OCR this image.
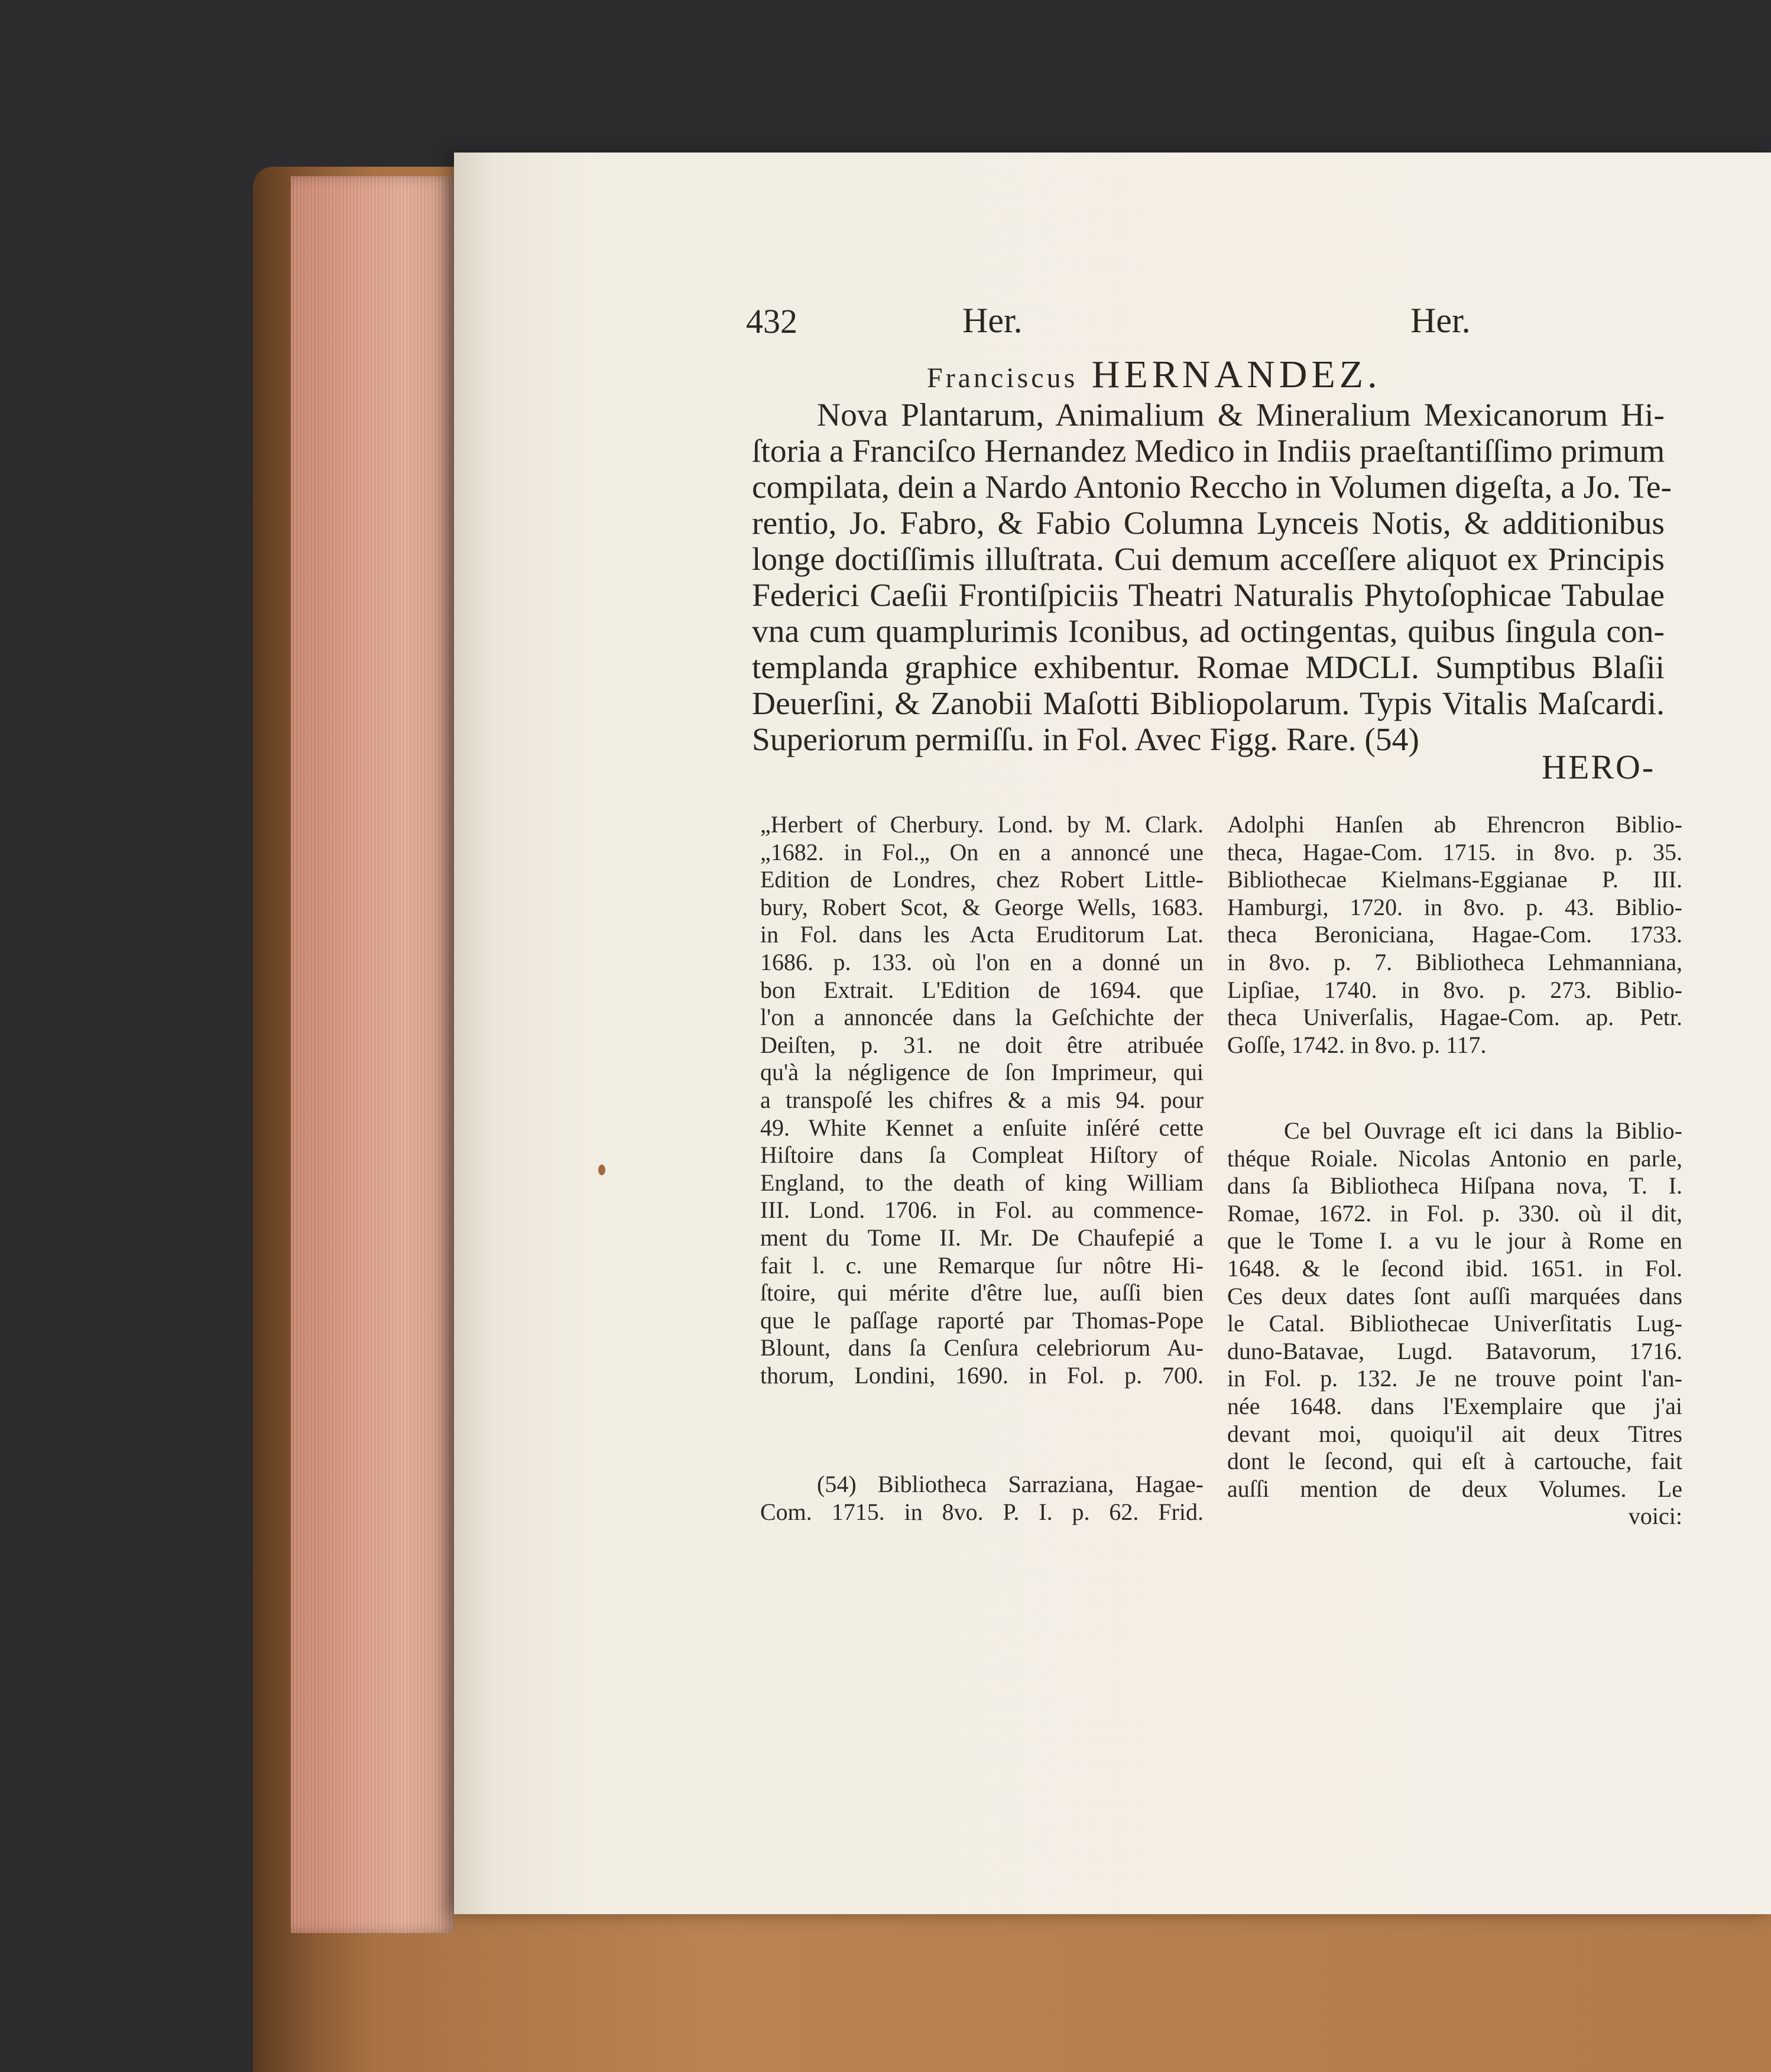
432	Her.	Her.
Franciscus HERNANDEZ.
Nova Plantarum, Animalium & Mineralium Mexicanorum Hi-
ſtoria a Franciſco Hernandez Medico in Indiis praeſtantiſſimo primum
compilata, dein a Nardo Antonio Reccho in Volumen digeſta, a Jo. Te-
rentio, Jo. Fabro, & Fabio Columna Lynceis Notis, & additionibus
longe doctiſſimis illuſtrata. Cui demum acceſſere aliquot ex Principis
Federici Caeſii Frontiſpiciis Theatri Naturalis Phytoſophicae Tabulae
vna cum quamplurimis Iconibus, ad octingentas, quibus ſingula con-
templanda graphice exhibentur. Romae MDCLI. Sumptibus Blaſii
Deuerſini, & Zanobii Maſotti Bibliopolarum. Typis Vitalis Maſcardi.
Superiorum permiſſu. in Fol. Avec Figg. Rare. (54)
HERO-
„Herbert of Cherbury. Lond. by M. Clark.
„1682. in Fol.„ On en a annoncé une
Edition de Londres, chez Robert Little-
bury, Robert Scot, & George Wells, 1683.
in Fol. dans les Acta Eruditorum Lat.
1686. p. 133. où l'on en a donné un
bon Extrait. L'Edition de 1694. que
l'on a annoncée dans la Geſchichte der
Deiſten, p. 31. ne doit être atribuée
qu'à la négligence de ſon Imprimeur, qui
a transpoſé les chifres & a mis 94. pour
49. White Kennet a enſuite inſéré cette
Hiſtoire dans ſa Compleat Hiſtory of
England, to the death of king William
III. Lond. 1706. in Fol. au commence-
ment du Tome II. Mr. De Chaufepié a
fait l. c. une Remarque ſur nôtre Hi-
ſtoire, qui mérite d'être lue, auſſi bien
que le paſſage raporté par Thomas-Pope
Blount, dans ſa Cenſura celebriorum Au-
thorum, Londini, 1690. in Fol. p. 700.
(54) Bibliotheca Sarraziana, Hagae-
Com. 1715. in 8vo. P. I. p. 62. Frid.
Adolphi Hanſen ab Ehrencron Biblio-
theca, Hagae-Com. 1715. in 8vo. p. 35.
Bibliothecae Kielmans-Eggianae P. III.
Hamburgi, 1720. in 8vo. p. 43. Biblio-
theca Beroniciana, Hagae-Com. 1733.
in 8vo. p. 7. Bibliotheca Lehmanniana,
Lipſiae, 1740. in 8vo. p. 273. Biblio-
theca Univerſalis, Hagae-Com. ap. Petr.
Goſſe, 1742. in 8vo. p. 117.
Ce bel Ouvrage eſt ici dans la Biblio-
théque Roiale. Nicolas Antonio en parle,
dans ſa Bibliotheca Hiſpana nova, T. I.
Romae, 1672. in Fol. p. 330. où il dit,
que le Tome I. a vu le jour à Rome en
1648. & le ſecond ibid. 1651. in Fol.
Ces deux dates ſont auſſi marquées dans
le Catal. Bibliothecae Univerſitatis Lug-
duno-Batavae, Lugd. Batavorum, 1716.
in Fol. p. 132. Je ne trouve point l'an-
née 1648. dans l'Exemplaire que j'ai
devant moi, quoiqu'il ait deux Titres
dont le ſecond, qui eſt à cartouche, fait
auſſi mention de deux Volumes. Le
voici:
